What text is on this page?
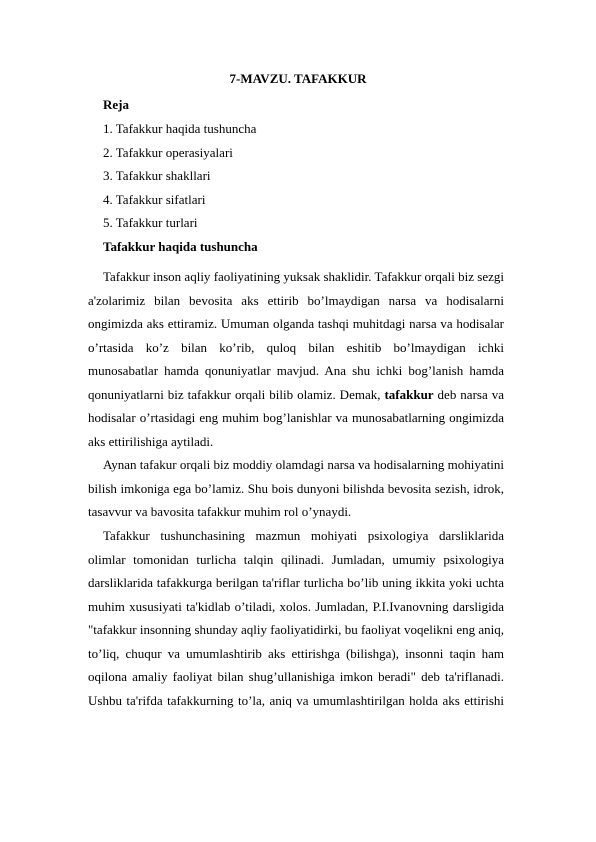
7-MAVZU. TAFAKKUR

Reja

1. Tafakkur haqida tushuncha

2. Tafakkur operasiyalari

3. Tafakkur shakllari

4. Tafakkur sifatlari

5. Tafakkur turlari

Tafakkur haqida tushuncha

Tafakkur inson aqliy faoliyatining yuksak shaklidir. Tafakkur orqali biz sezgi a'zolarimiz bilan bevosita aks ettirib bo’lmaydigan narsa va hodisalarni ongimizda aks ettiramiz. Umuman olganda tashqi muhitdagi narsa va hodisalar o’rtasida ko’z bilan ko’rib, quloq bilan eshitib bo’lmaydigan ichki munosabatlar hamda qonuniyatlar mavjud. Ana shu ichki bog’lanish hamda qonuniyatlarni biz tafakkur orqali bilib olamiz. Demak, tafakkur deb narsa va hodisalar o’rtasidagi eng muhim bog’lanishlar va munosabatlarning ongimizda aks ettirilishiga aytiladi.

Aynan tafakur orqali biz moddiy olamdagi narsa va hodisalarning mohiyatini bilish imkoniga ega bo’lamiz. Shu bois dunyoni bilishda bevosita sezish, idrok, tasavvur va bavosita tafakkur muhim rol o’ynaydi.

Tafakkur tushunchasining mazmun mohiyati psixologiya darsliklarida olimlar tomonidan turlicha talqin qilinadi. Jumladan, umumiy psixologiya darsliklarida tafakkurga berilgan ta'riflar turlicha bo’lib uning ikkita yoki uchta muhim xususiyati ta'kidlab o’tiladi, xolos. Jumladan, P.I.Ivanovning darsligida "tafakkur insonning shunday aqliy faoliyatidirki, bu faoliyat voqelikni eng aniq, to’liq, chuqur va umumlashtirib aks ettirishga (bilishga), insonni taqin ham oqilona amaliy faoliyat bilan shug’ullanishiga imkon beradi" deb ta'riflanadi. Ushbu ta'rifda tafakkurning to’la, aniq va umumlashtirilgan holda aks ettirishi
